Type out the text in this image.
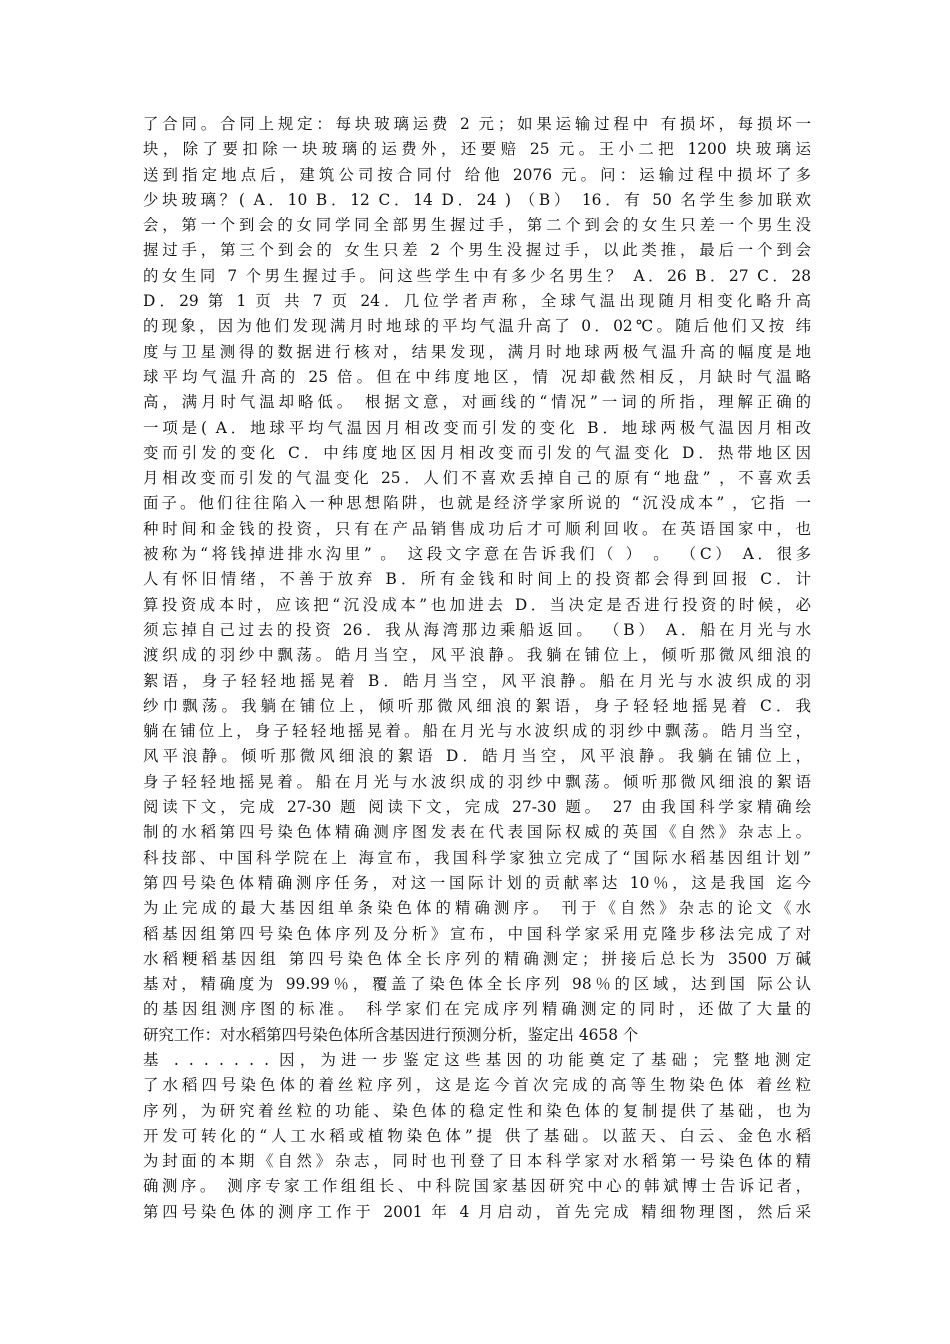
了合同。合同上规定：每块玻璃运费 2 元；如果运输过程中 有损坏，每损坏一
块，除了要扣除一块玻璃的运费外，还要赔 25 元。王小二把 1200 块玻璃运
送到指定地点后，建筑公司按合同付 给他 2076 元。问：运输过程中损坏了多
少块玻璃？( A．10 B．12 C．14 D．24 ) （B） 16．有 50 名学生参加联欢
会，第一个到会的女同学同全部男生握过手，第二个到会的女生只差一个男生没
握过手，第三个到会的 女生只差 2 个男生没握过手，以此类推，最后一个到会
的女生同 7 个男生握过手。问这些学生中有多少名男生？ A．26 B．27 C．28
D．29 第 1 页 共 7 页 24．几位学者声称，全球气温出现随月相变化略升高
的现象，因为他们发现满月时地球的平均气温升高了 0．02℃。随后他们又按 纬
度与卫星测得的数据进行核对，结果发现，满月时地球两极气温升高的幅度是地
球平均气温升高的 25 倍。但在中纬度地区，情 况却截然相反，月缺时气温略
高，满月时气温却略低。 根据文意，对画线的“情况”一词的所指，理解正确的
一项是( A．地球平均气温因月相改变而引发的变化 B．地球两极气温因月相改
变而引发的变化 C．中纬度地区因月相改变而引发的气温变化 D．热带地区因
月相改变而引发的气温变化 25．人们不喜欢丢掉自己的原有“地盘” ，不喜欢丢
面子。他们往往陷入一种思想陷阱，也就是经济学家所说的 “沉没成本” ，它指 一
种时间和金钱的投资，只有在产品销售成功后才可顺利回收。在英语国家中，也
被称为“将钱掉进排水沟里” 。 这段文字意在告诉我们（ ） 。 （C） A．很多
人有怀旧情绪，不善于放弃 B．所有金钱和时间上的投资都会得到回报 C．计
算投资成本时，应该把“沉没成本”也加进去 D．当决定是否进行投资的时候，必
须忘掉自己过去的投资 26．我从海湾那边乘船返回。 （B） A．船在月光与水
渡织成的羽纱中飘荡。皓月当空，风平浪静。我躺在铺位上，倾听那微风细浪的
絮语，身子轻轻地摇晃着 B．皓月当空，风平浪静。船在月光与水波织成的羽
纱巾飘荡。我躺在铺位上，倾听那微风细浪的絮语，身子轻轻地摇晃着 C．我
躺在铺位上，身子轻轻地摇晃着。船在月光与水波织成的羽纱中飘荡。皓月当空，
风平浪静。倾听那微风细浪的絮语 D．皓月当空，风平浪静。我躺在铺位上，
身子轻轻地摇晃着。船在月光与水波织成的羽纱中飘荡。倾听那微风细浪的絮语
阅读下文，完成 27-30 题 阅读下文，完成 27-30 题。 27 由我国科学家精确绘
制的水稻第四号染色体精确测序图发表在代表国际权威的英国《自然》杂志上。
科技部、中国科学院在上 海宣布，我国科学家独立完成了“国际水稻基因组计划”
第四号染色体精确测序任务，对这一国际计划的贡献率达 10％，这是我国 迄今
为止完成的最大基因组单条染色体的精确测序。 刊于《自然》杂志的论文《水
稻基因组第四号染色体序列及分析》宣布，中国科学家采用克隆步移法完成了对
水稻粳稻基因组 第四号染色体全长序列的精确测定；拼接后总长为 3500 万碱
基对，精确度为 99.99％，覆盖了染色体全长序列 98％的区域，达到国 际公认
的基因组测序图的标准。 科学家们在完成序列精确测定的同时，还做了大量的
研究工作：对水稻第四号染色体所含基因进行预测分析，鉴定出 4658 个
基 . . . . . . . 因，为进一步鉴定这些基因的功能奠定了基础；完整地测定
了水稻四号染色体的着丝粒序列，这是迄今首次完成的高等生物染色体 着丝粒
序列，为研究着丝粒的功能、染色体的稳定性和染色体的复制提供了基础，也为
开发可转化的“人工水稻或植物染色体”提 供了基础。以蓝天、白云、金色水稻
为封面的本期《自然》杂志，同时也刊登了日本科学家对水稻第一号染色体的精
确测序。 测序专家工作组组长、中科院国家基因研究中心的韩斌博士告诉记者，
第四号染色体的测序工作于 2001 年 4 月启动，首先完成 精细物理图，然后采
